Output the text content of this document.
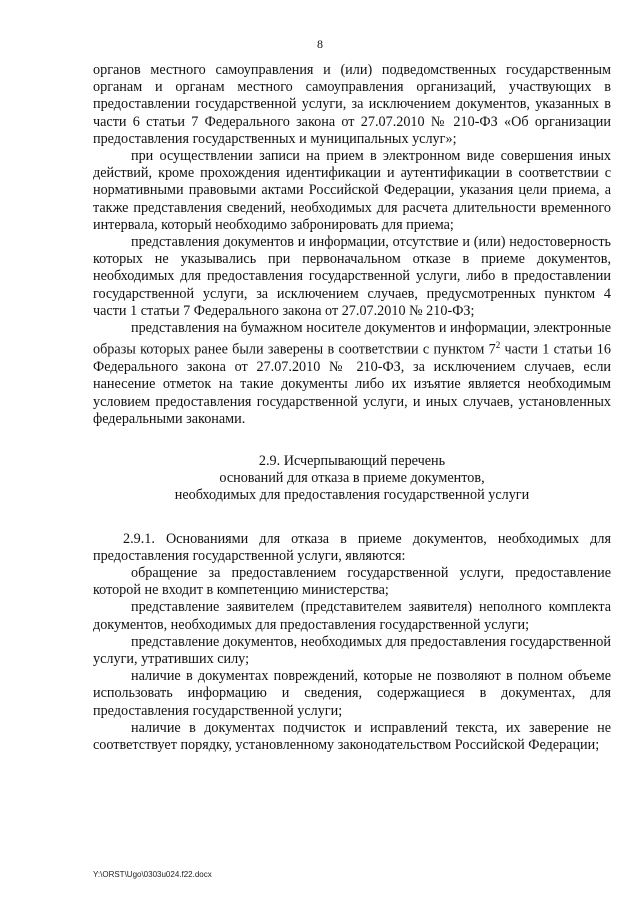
8

органов местного самоуправления и (или) подведомственных государственным органам и органам местного самоуправления организаций, участвующих в предоставлении государственной услуги, за исключением документов, указанных в части 6 статьи 7 Федерального закона от 27.07.2010 № 210-ФЗ «Об организации предоставления государственных и муниципальных услуг»;

при осуществлении записи на прием в электронном виде совершения иных действий, кроме прохождения идентификации и аутентификации в соответствии с нормативными правовыми актами Российской Федерации, указания цели приема, а также представления сведений, необходимых для расчета длительности временного интервала, который необходимо забронировать для приема;

представления документов и информации, отсутствие и (или) недостоверность которых не указывались при первоначальном отказе в приеме документов, необходимых для предоставления государственной услуги, либо в предоставлении государственной услуги, за исключением случаев, предусмотренных пунктом 4 части 1 статьи 7 Федерального закона от 27.07.2010 № 210-ФЗ;

представления на бумажном носителе документов и информации, электронные образы которых ранее были заверены в соответствии с пунктом $7^2$ части 1 статьи 16 Федерального закона от 27.07.2010 № 210-ФЗ, за исключением случаев, если нанесение отметок на такие документы либо их изъятие является необходимым условием предоставления государственной услуги, и иных случаев, установленных федеральными законами.

2.9. Исчерпывающий перечень
оснований для отказа в приеме документов,
необходимых для предоставления государственной услуги

2.9.1. Основаниями для отказа в приеме документов, необходимых для предоставления государственной услуги, являются:

обращение за предоставлением государственной услуги, предоставление которой не входит в компетенцию министерства;

представление заявителем (представителем заявителя) неполного комплекта документов, необходимых для предоставления государственной услуги;

представление документов, необходимых для предоставления государственной услуги, утративших силу;

наличие в документах повреждений, которые не позволяют в полном объеме использовать информацию и сведения, содержащиеся в документах, для предоставления государственной услуги;

наличие в документах подчисток и исправлений текста, их заверение не соответствует порядку, установленному законодательством Российской Федерации;

Y:\ORST\Ugo\0303u024.f22.docx
